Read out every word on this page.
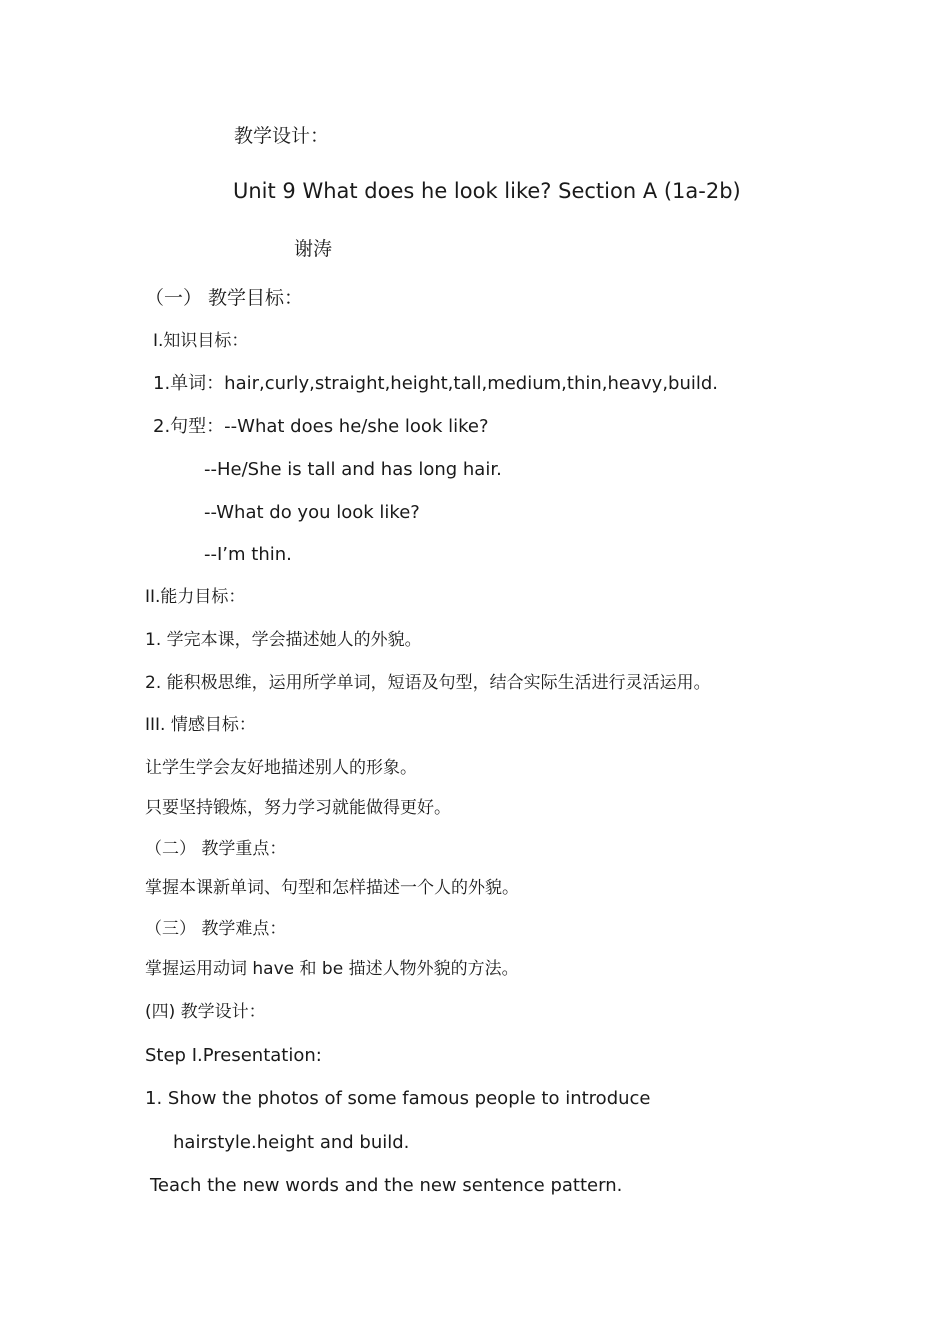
教学设计：
Unit 9 What does he look like? Section A (1a-2b)
谢涛
（一） 教学目标：
I.知识目标：
1.单词：hair,curly,straight,height,tall,medium,thin,heavy,build.
2.句型：--What does he/she look like?
--He/She is tall and has long hair.
--What do you look like?
--I’m thin.
II.能力目标：
1. 学完本课，学会描述她人的外貌。
2. 能积极思维，运用所学单词，短语及句型，结合实际生活进行灵活运用。
III. 情感目标：
让学生学会友好地描述别人的形象。
只要坚持锻炼，努力学习就能做得更好。
（二） 教学重点：
掌握本课新单词、句型和怎样描述一个人的外貌。
（三） 教学难点：
掌握运用动词 have 和 be 描述人物外貌的方法。
(四) 教学设计：
Step I.Presentation:
1. Show the photos of some famous people to introduce
hairstyle.height and build.
Teach the new words and the new sentence pattern.
